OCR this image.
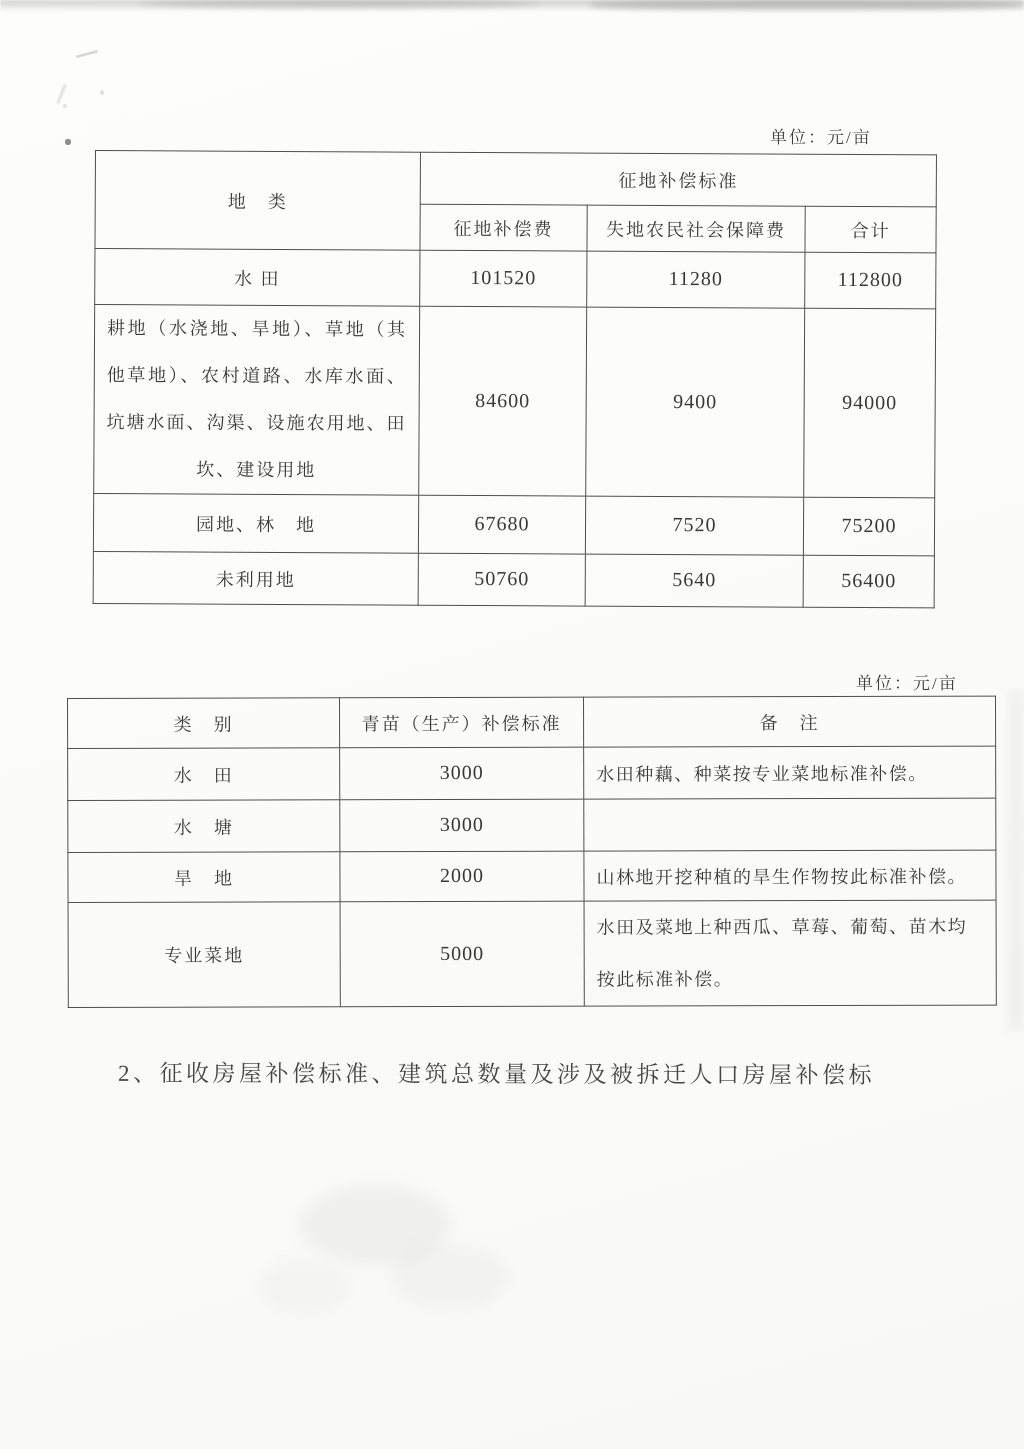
单位：元/亩
地　类	征地补偿标准		
	征地补偿费	失地农民社会保障费	合计
水 田	101520	11280	112800
耕地（水浇地、旱地）、草地（其他草地）、农村道路、水库水面、坑塘水面、沟渠、设施农用地、田坎、建设用地	84600	9400	94000
园地、林　地	67680	7520	75200
未利用地	50760	5640	56400
单位：元/亩
类　别	青苗（生产）补偿标准	备　注
水　田	3000	水田种藕、种菜按专业菜地标准补偿。
水　塘	3000	
旱　地	2000	山林地开挖种植的旱生作物按此标准补偿。
专业菜地	5000	水田及菜地上种西瓜、草莓、葡萄、苗木均按此标准补偿。
2、征收房屋补偿标准、建筑总数量及涉及被拆迁人口房屋补偿标
